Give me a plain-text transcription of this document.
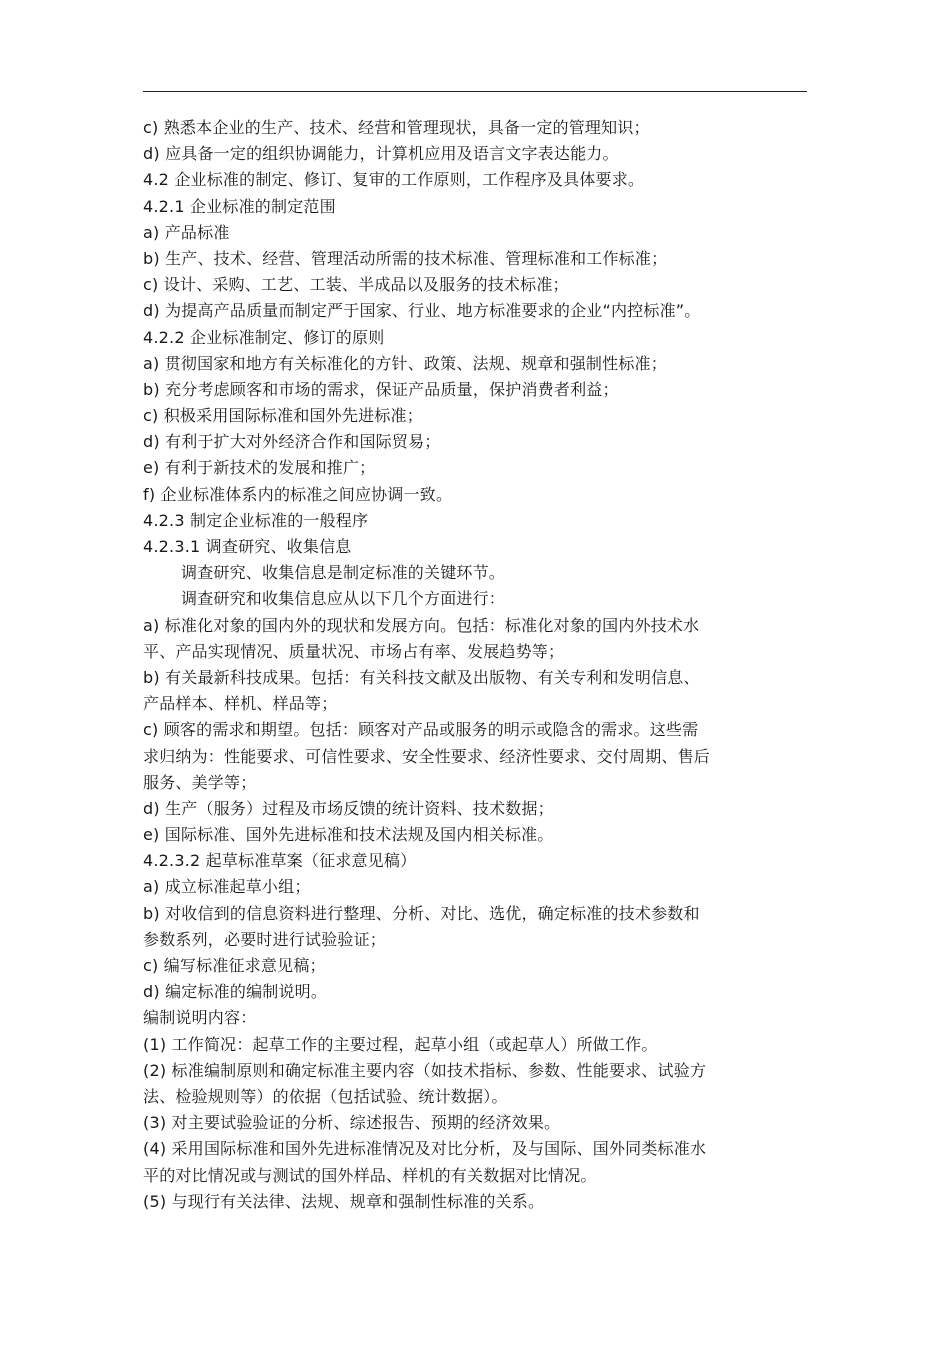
c) 熟悉本企业的生产、技术、经营和管理现状，具备一定的管理知识；

d) 应具备一定的组织协调能力，计算机应用及语言文字表达能力。

4.2 企业标准的制定、修订、复审的工作原则，工作程序及具体要求。

4.2.1 企业标准的制定范围

a) 产品标准

b) 生产、技术、经营、管理活动所需的技术标准、管理标准和工作标准；

c) 设计、采购、工艺、工装、半成品以及服务的技术标准；

d) 为提高产品质量而制定严于国家、行业、地方标准要求的企业“内控标准”。

4.2.2 企业标准制定、修订的原则

a) 贯彻国家和地方有关标准化的方针、政策、法规、规章和强制性标准；

b) 充分考虑顾客和市场的需求，保证产品质量，保护消费者利益；

c) 积极采用国际标准和国外先进标准；

d) 有利于扩大对外经济合作和国际贸易；

e) 有利于新技术的发展和推广；

f) 企业标准体系内的标准之间应协调一致。

4.2.3 制定企业标准的一般程序

4.2.3.1 调查研究、收集信息

调查研究、收集信息是制定标准的关键环节。

调查研究和收集信息应从以下几个方面进行：

a) 标准化对象的国内外的现状和发展方向。包括：标准化对象的国内外技术水

平、产品实现情况、质量状况、市场占有率、发展趋势等；

b) 有关最新科技成果。包括：有关科技文献及出版物、有关专利和发明信息、

产品样本、样机、样品等；

c) 顾客的需求和期望。包括：顾客对产品或服务的明示或隐含的需求。这些需

求归纳为：性能要求、可信性要求、安全性要求、经济性要求、交付周期、售后

服务、美学等；

d) 生产（服务）过程及市场反馈的统计资料、技术数据；

e) 国际标准、国外先进标准和技术法规及国内相关标准。

4.2.3.2 起草标准草案（征求意见稿）

a) 成立标准起草小组；

b) 对收信到的信息资料进行整理、分析、对比、选优，确定标准的技术参数和

参数系列，必要时进行试验验证；

c) 编写标准征求意见稿；

d) 编定标准的编制说明。

编制说明内容：

(1) 工作简况：起草工作的主要过程，起草小组（或起草人）所做工作。

(2) 标准编制原则和确定标准主要内容（如技术指标、参数、性能要求、试验方

法、检验规则等）的依据（包括试验、统计数据）。

(3) 对主要试验验证的分析、综述报告、预期的经济效果。

(4) 采用国际标准和国外先进标准情况及对比分析，及与国际、国外同类标准水

平的对比情况或与测试的国外样品、样机的有关数据对比情况。

(5) 与现行有关法律、法规、规章和强制性标准的关系。
